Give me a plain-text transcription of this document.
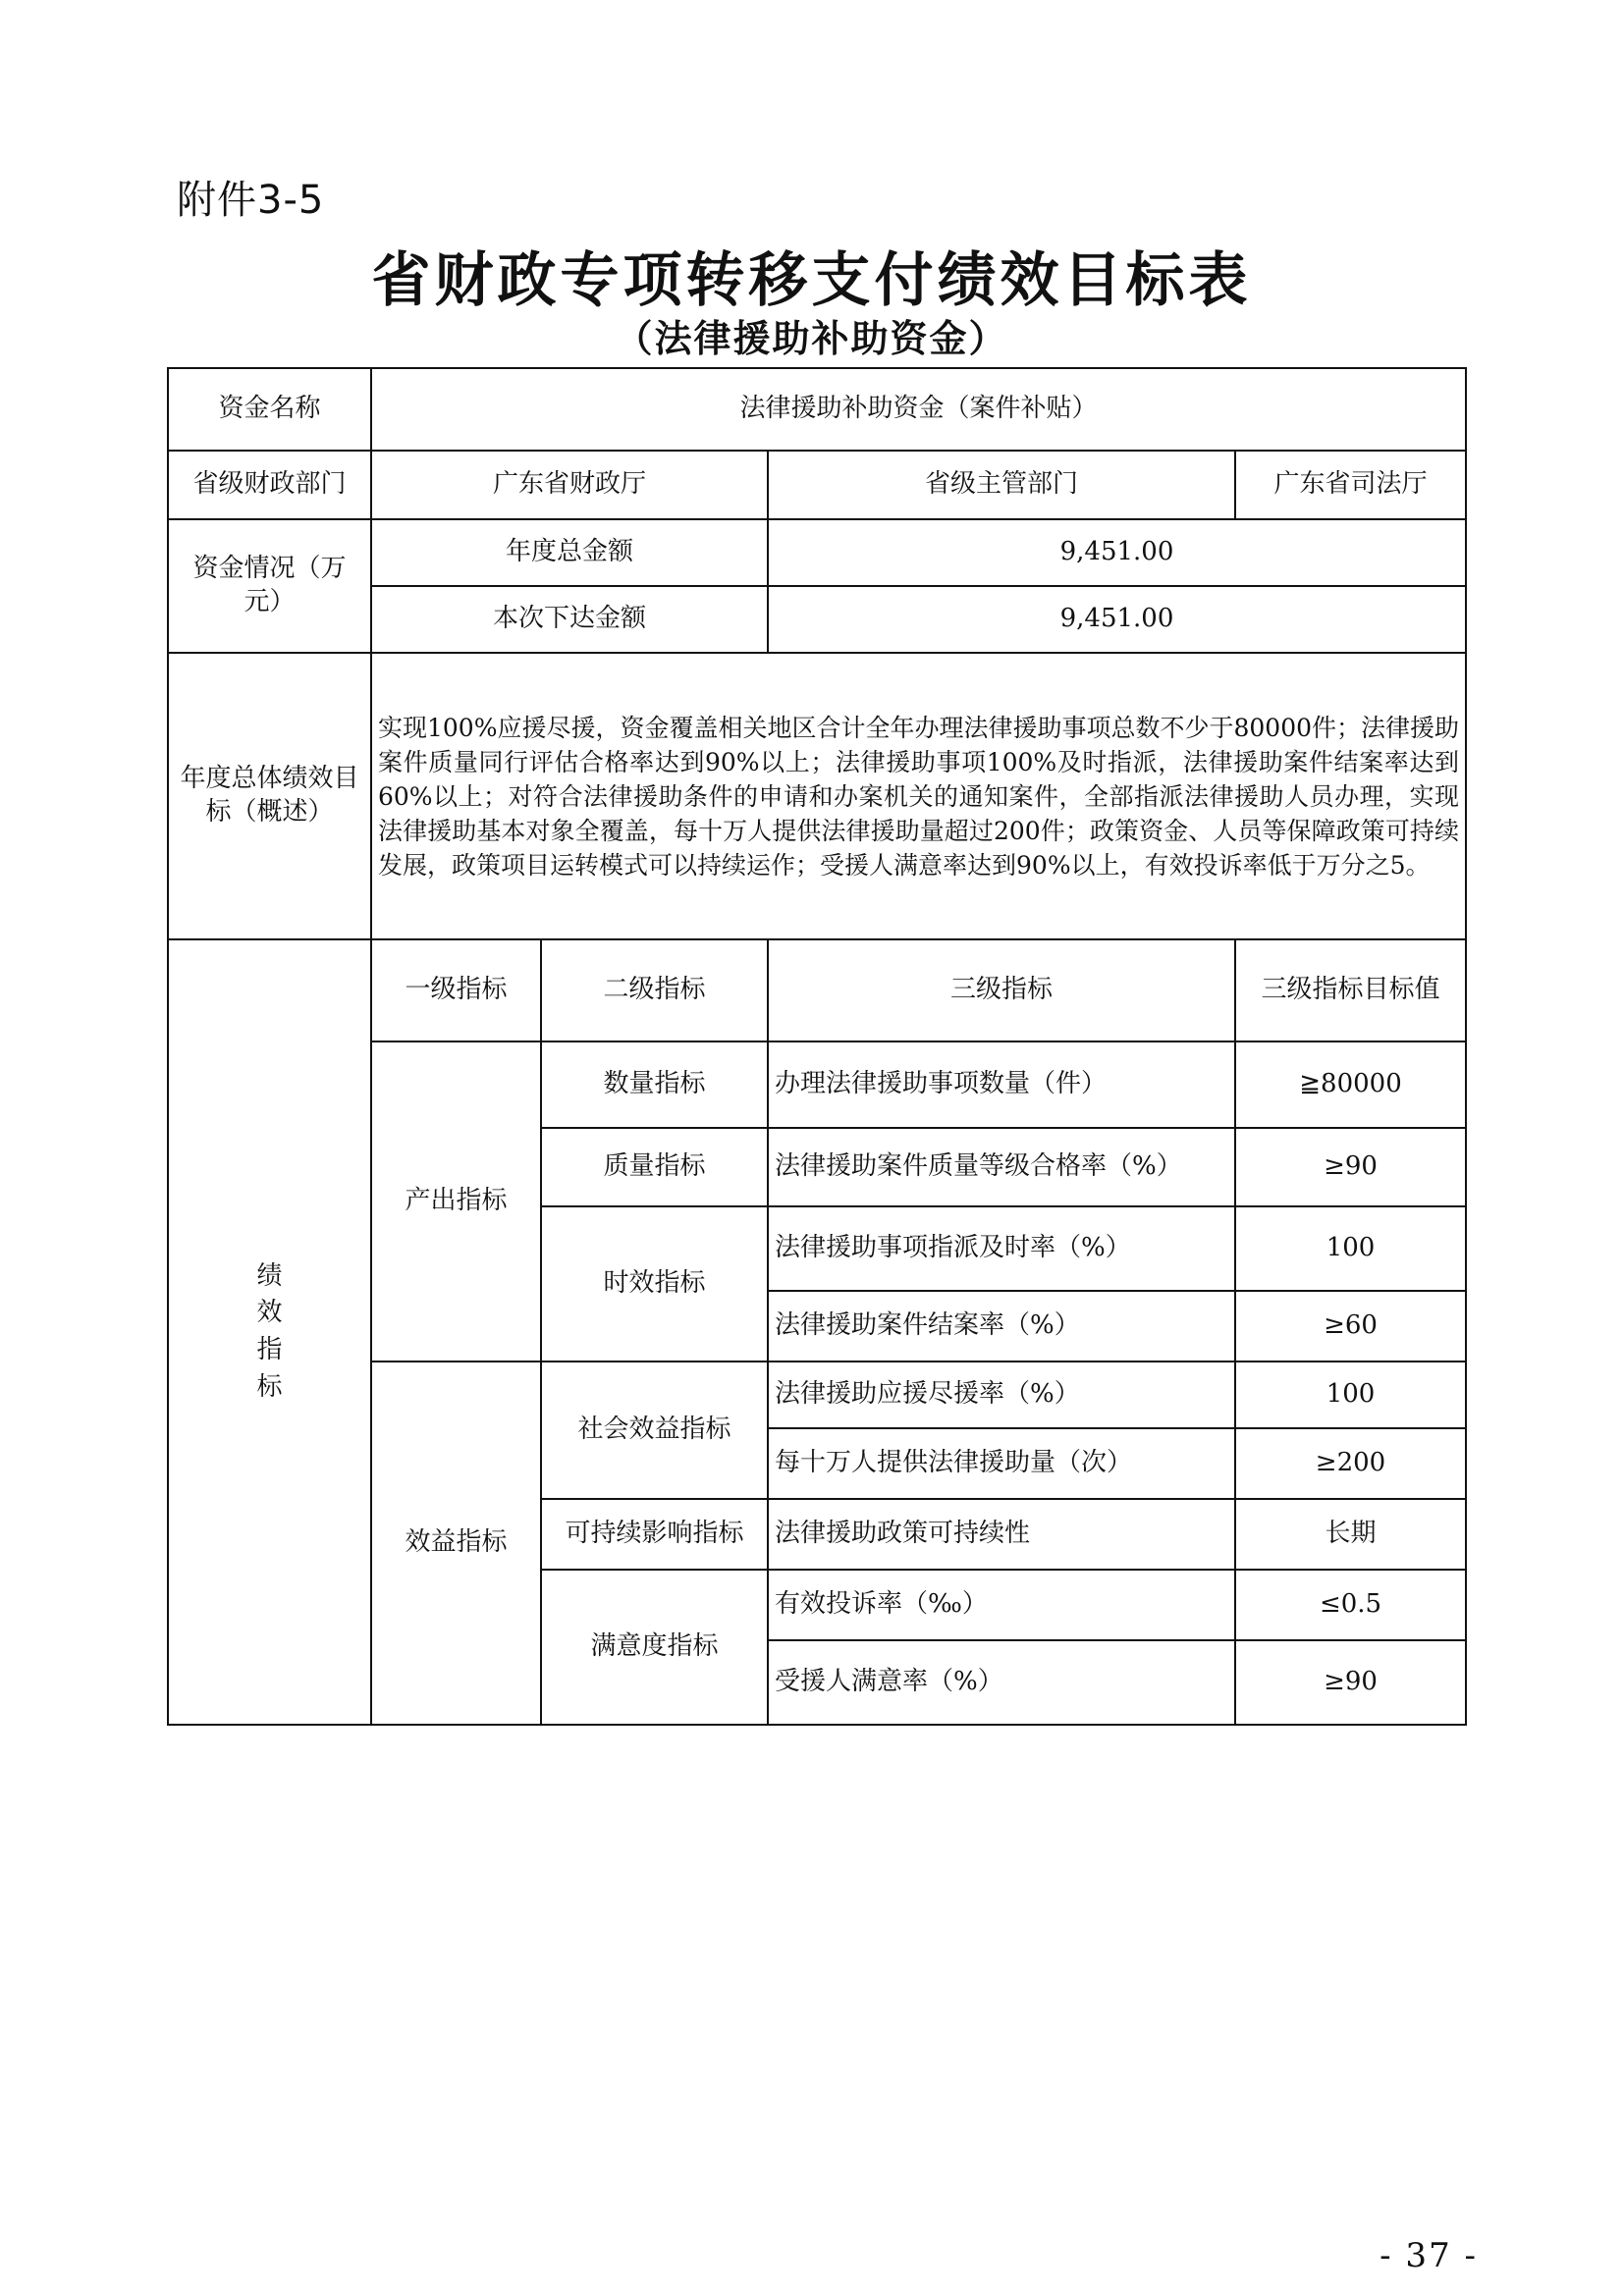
附件3-5
省财政专项转移支付绩效目标表
（法律援助补助资金）
资金名称	法律援助补助资金（案件补贴）			
省级财政部门	广东省财政厅		省级主管部门	广东省司法厅
资金情况（万元）	年度总金额		9,451.00	
	本次下达金额		9,451.00	
年度总体绩效目标（概述）	实现100%应援尽援，资金覆盖相关地区合计全年办理法律援助事项总数不少于80000件；法律援助案件质量同行评估合格率达到90%以上；法律援助事项100%及时指派，法律援助案件结案率达到60%以上；对符合法律援助条件的申请和办案机关的通知案件，全部指派法律援助人员办理，实现法律援助基本对象全覆盖，每十万人提供法律援助量超过200件；政策资金、人员等保障政策可持续发展，政策项目运转模式可以持续运作；受援人满意率达到90%以上，有效投诉率低于万分之5。			

绩
效
指
标	一级指标	二级指标	三级指标	三级指标目标值
	产出指标	数量指标	办理法律援助事项数量（件）	≧80000
		质量指标	法律援助案件质量等级合格率（%）	≥90
		时效指标	法律援助事项指派及时率（%）	100
			法律援助案件结案率（%）	≥60
	效益指标	社会效益指标	法律援助应援尽援率（%）	100
			每十万人提供法律援助量（次）	≥200
		可持续影响指标	法律援助政策可持续性	长期
		满意度指标	有效投诉率（‰）	≤0.5
			受援人满意率（%）	≥90
- 37 -
